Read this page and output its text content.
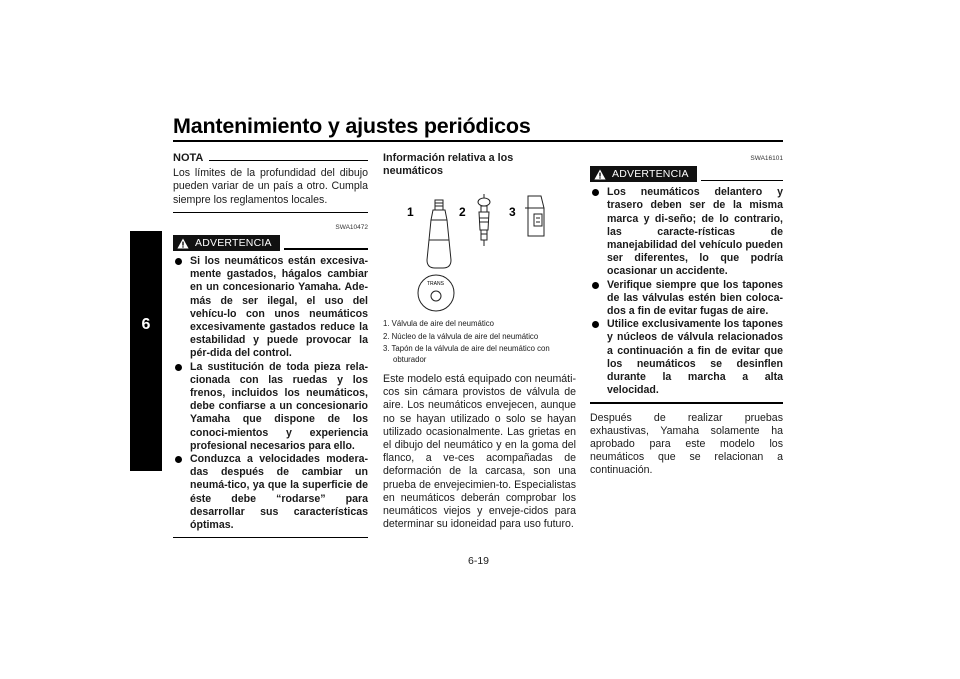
Mantenimiento y ajustes periódicos
6
NOTA
Los límites de la profundidad del dibujo pueden variar de un país a otro. Cumpla siempre los reglamentos locales.
SWA10472
ADVERTENCIA
Si los neumáticos están excesiva-mente gastados, hágalos cambiar en un concesionario Yamaha. Ade-más de ser ilegal, el uso del vehícu-lo con unos neumáticos excesivamente gastados reduce la estabilidad y puede provocar la pér-dida del control.
La sustitución de toda pieza rela-cionada con las ruedas y los frenos, incluidos los neumáticos, debe confiarse a un concesionario Yamaha que dispone de los conoci-mientos y experiencia profesional necesarios para ello.
Conduzca a velocidades modera-das después de cambiar un neumá-tico, ya que la superficie de éste debe “rodarse” para desarrollar sus características óptimas.
Información relativa a los neumáticos
1	2	3
TRANS
1. Válvula de aire del neumático
2. Núcleo de la válvula de aire del neumático
3. Tapón de la válvula de aire del neumático con obturador
Este modelo está equipado con neumáti-cos sin cámara provistos de válvula de aire. Los neumáticos envejecen, aunque no se hayan utilizado o solo se hayan utilizado ocasionalmente. Las grietas en el dibujo del neumático y en la goma del flanco, a ve-ces acompañadas de deformación de la carcasa, son una prueba de envejecimien-to. Especialistas en neumáticos deberán comprobar los neumáticos viejos y enveje-cidos para determinar su idoneidad para uso futuro.
SWA16101
ADVERTENCIA
Los neumáticos delantero y trasero deben ser de la misma marca y di-seño; de lo contrario, las caracte-rísticas de manejabilidad del vehículo pueden ser diferentes, lo que podría ocasionar un accidente.
Verifique siempre que los tapones de las válvulas estén bien coloca-dos a fin de evitar fugas de aire.
Utilice exclusivamente los tapones y núcleos de válvula relacionados a continuación a fin de evitar que los neumáticos se desinflen durante la marcha a alta velocidad.
Después de realizar pruebas exhaustivas, Yamaha solamente ha aprobado para este modelo los neumáticos que se relacionan a continuación.
6-19
